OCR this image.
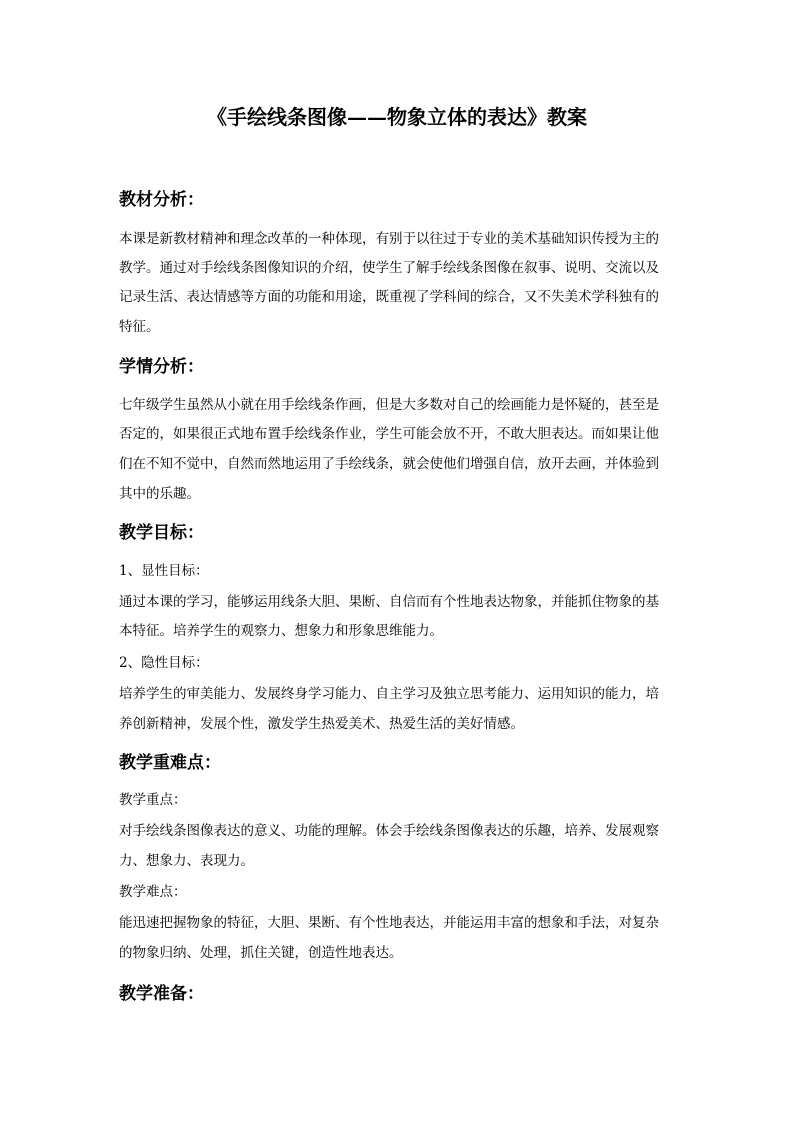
《手绘线条图像——物象立体的表达》教案
教材分析：
本课是新教材精神和理念改革的一种体现，有别于以往过于专业的美术基础知识传授为主的
教学。通过对手绘线条图像知识的介绍，使学生了解手绘线条图像在叙事、说明、交流以及
记录生活、表达情感等方面的功能和用途，既重视了学科间的综合，又不失美术学科独有的
特征。
学情分析：
七年级学生虽然从小就在用手绘线条作画，但是大多数对自己的绘画能力是怀疑的，甚至是
否定的，如果很正式地布置手绘线条作业，学生可能会放不开，不敢大胆表达。而如果让他
们在不知不觉中，自然而然地运用了手绘线条，就会使他们增强自信，放开去画，并体验到
其中的乐趣。
教学目标：
1、显性目标：
通过本课的学习，能够运用线条大胆、果断、自信而有个性地表达物象，并能抓住物象的基
本特征。培养学生的观察力、想象力和形象思维能力。
2、隐性目标：
培养学生的审美能力、发展终身学习能力、自主学习及独立思考能力、运用知识的能力，培
养创新精神，发展个性，激发学生热爱美术、热爱生活的美好情感。
教学重难点：
教学重点：
对手绘线条图像表达的意义、功能的理解。体会手绘线条图像表达的乐趣，培养、发展观察
力、想象力、表现力。
教学难点：
能迅速把握物象的特征，大胆、果断、有个性地表达，并能运用丰富的想象和手法，对复杂
的物象归纳、处理，抓住关键，创造性地表达。
教学准备：
